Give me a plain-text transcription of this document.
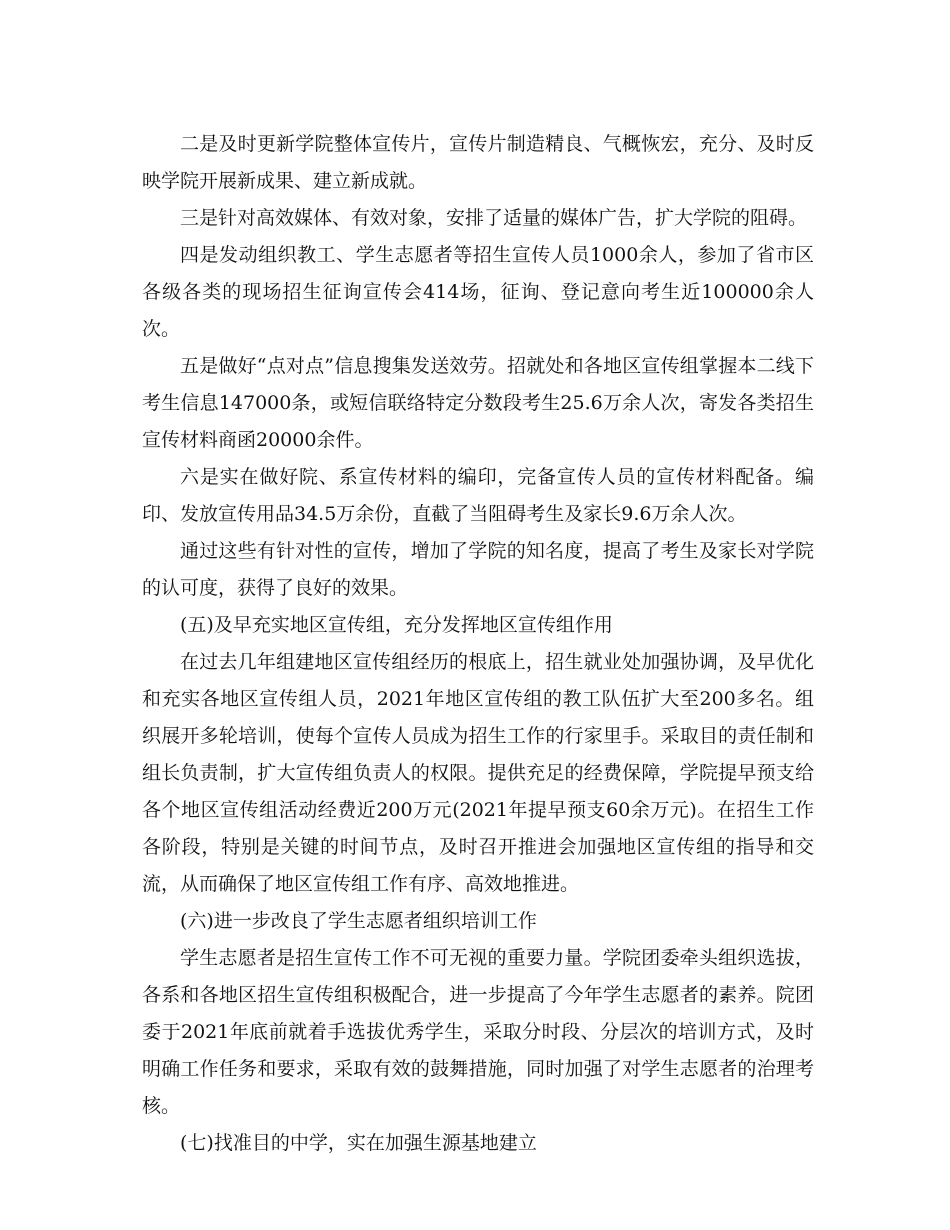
二是及时更新学院整体宣传片，宣传片制造精良、气概恢宏，充分、及时反映学院开展新成果、建立新成就。

三是针对高效媒体、有效对象，安排了适量的媒体广告，扩大学院的阻碍。

四是发动组织教工、学生志愿者等招生宣传人员1000余人，参加了省市区各级各类的现场招生征询宣传会414场，征询、登记意向考生近100000余人次。

五是做好“点对点”信息搜集发送效劳。招就处和各地区宣传组掌握本二线下考生信息147000条，或短信联络特定分数段考生25.6万余人次，寄发各类招生宣传材料商函20000余件。

六是实在做好院、系宣传材料的编印，完备宣传人员的宣传材料配备。编印、发放宣传用品34.5万余份，直截了当阻碍考生及家长9.6万余人次。

通过这些有针对性的宣传，增加了学院的知名度，提高了考生及家长对学院的认可度，获得了良好的效果。

(五)及早充实地区宣传组，充分发挥地区宣传组作用

在过去几年组建地区宣传组经历的根底上，招生就业处加强协调，及早优化和充实各地区宣传组人员，2021年地区宣传组的教工队伍扩大至200多名。组织展开多轮培训，使每个宣传人员成为招生工作的行家里手。采取目的责任制和组长负责制，扩大宣传组负责人的权限。提供充足的经费保障，学院提早预支给各个地区宣传组活动经费近200万元(2021年提早预支60余万元)。在招生工作各阶段，特别是关键的时间节点，及时召开推进会加强地区宣传组的指导和交流，从而确保了地区宣传组工作有序、高效地推进。

(六)进一步改良了学生志愿者组织培训工作

学生志愿者是招生宣传工作不可无视的重要力量。学院团委牵头组织选拔，各系和各地区招生宣传组积极配合，进一步提高了今年学生志愿者的素养。院团委于2021年底前就着手选拔优秀学生，采取分时段、分层次的培训方式，及时明确工作任务和要求，采取有效的鼓舞措施，同时加强了对学生志愿者的治理考核。

(七)找准目的中学，实在加强生源基地建立
